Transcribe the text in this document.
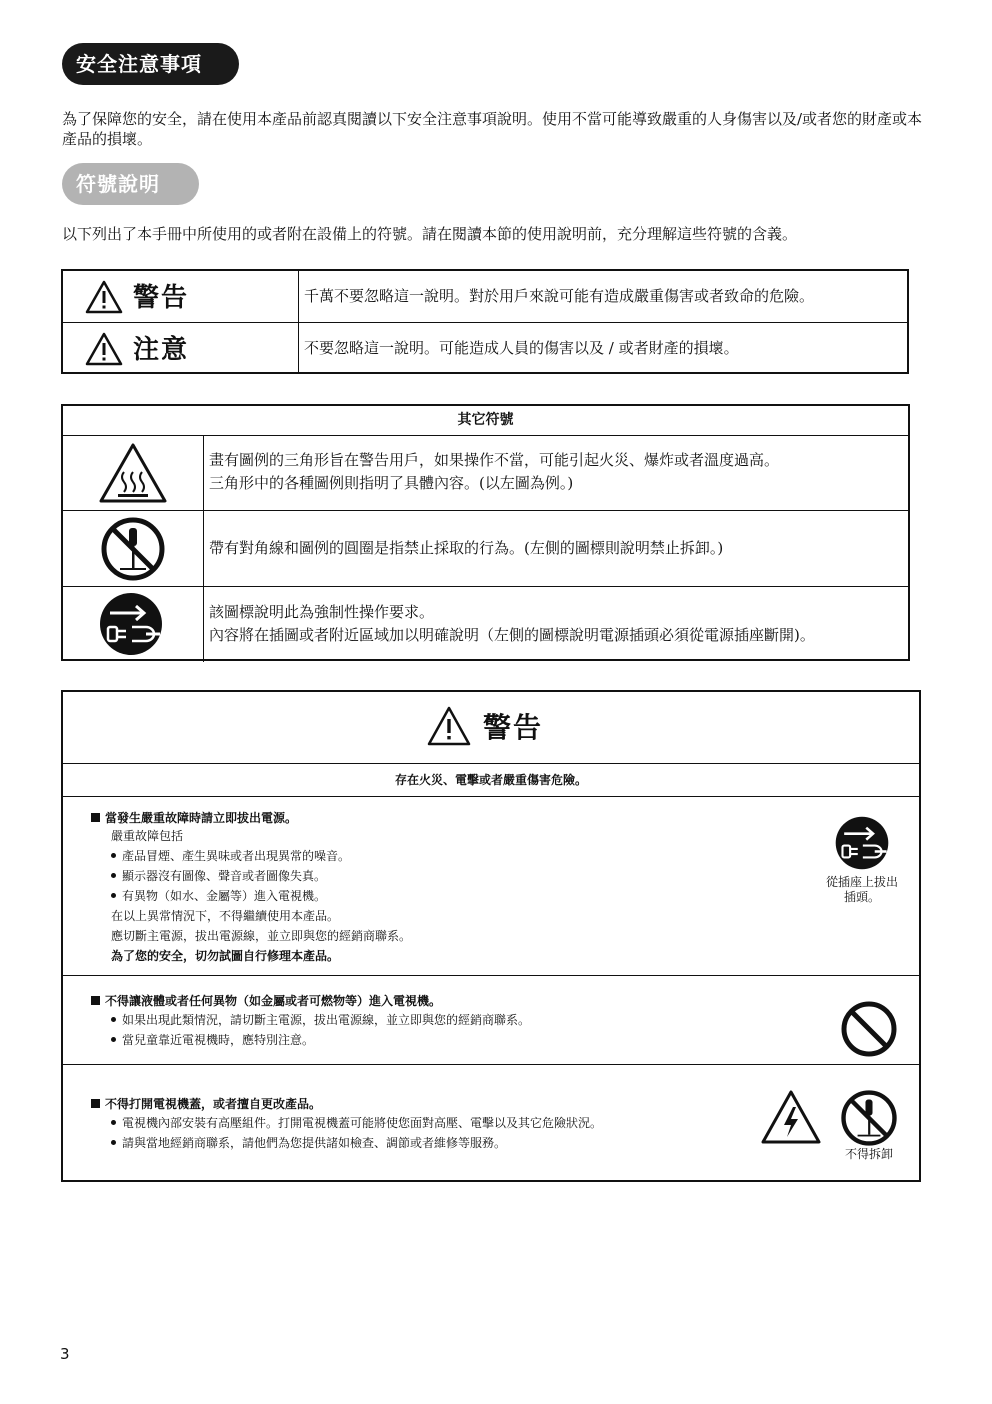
安全注意事項
為了保障您的安全，請在使用本產品前認真閱讀以下安全注意事項說明。使用不當可能導致嚴重的人身傷害以及/或者您的財產或本產品的損壞。
符號說明
以下列出了本手冊中所使用的或者附在設備上的符號。請在閱讀本節的使用說明前，充分理解這些符號的含義。
警告	千萬不要忽略這一說明。對於用戶來說可能有造成嚴重傷害或者致命的危險。
注意	不要忽略這一說明。可能造成人員的傷害以及 / 或者財產的損壞。
其它符號
畫有圖例的三角形旨在警告用戶，如果操作不當，可能引起火災、爆炸或者溫度過高。
三角形中的各種圖例則指明了具體內容。(以左圖為例。)
帶有對角線和圖例的圓圈是指禁止採取的行為。(左側的圖標則說明禁止拆卸。)
該圖標說明此為強制性操作要求。
內容將在插圖或者附近區域加以明確說明（左側的圖標說明電源插頭必須從電源插座斷開)。
警告
存在火災、電擊或者嚴重傷害危險。
當發生嚴重故障時請立即拔出電源。
嚴重故障包括
產品冒煙、產生異味或者出現異常的噪音。
顯示器沒有圖像、聲音或者圖像失真。
有異物（如水、金屬等）進入電視機。
在以上異常情況下，不得繼續使用本產品。
應切斷主電源，拔出電源線，並立即與您的經銷商聯系。
為了您的安全，切勿試圖自行修理本產品。
從插座上拔出
插頭。
不得讓液體或者任何異物（如金屬或者可燃物等）進入電視機。
如果出現此類情況，請切斷主電源，拔出電源線，並立即與您的經銷商聯系。
當兒童靠近電視機時，應特別注意。
不得打開電視機蓋，或者擅自更改產品。
電視機內部安裝有高壓組件。打開電視機蓋可能將使您面對高壓、電擊以及其它危險狀況。
請與當地經銷商聯系，請他們為您提供諸如檢查、調節或者維修等服務。
不得拆卸
3
